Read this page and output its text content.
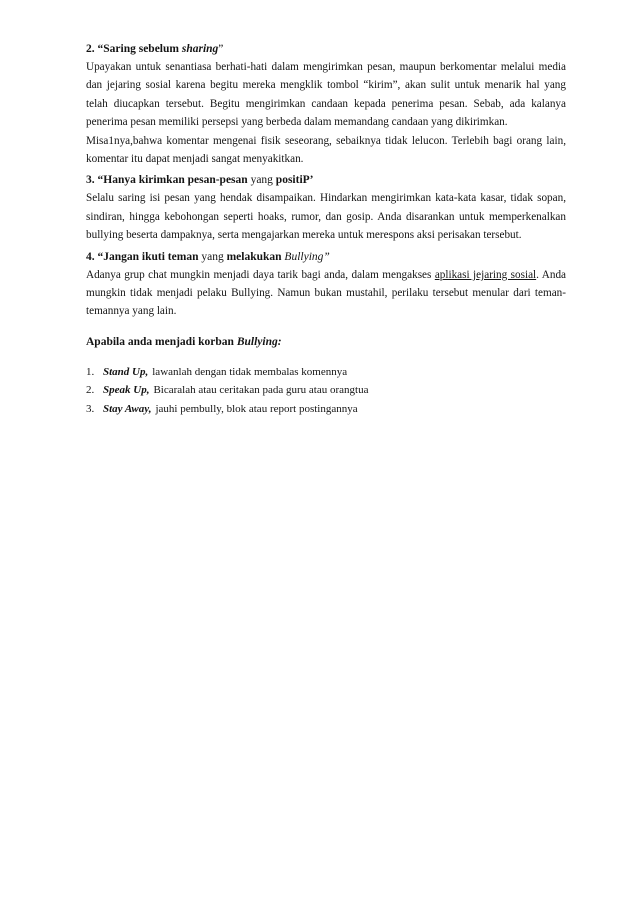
2. “Saring sebelum sharing”

Upayakan untuk senantiasa berhati-hati dalam mengirimkan pesan, maupun berkomentar melalui media
dan jejaring sosial karena begitu mereka mengklik tombol “kirim”, akan sulit untuk menarik hal yang
telah diucapkan tersebut. Begitu mengirimkan candaan kepada penerima pesan. Sebab, ada kalanya
penerima pesan memiliki persepsi yang berbeda dalam memandang candaan yang dikirimkan.
Misa1nya,bahwa komentar mengenai fisik seseorang, sebaiknya tidak lelucon. Terlebih bagi orang lain,
komentar itu dapat menjadi sangat menyakitkan.

3. “Hanya kirimkan pesan-pesan yang positiP’

Selalu saring isi pesan yang hendak disampaikan. Hindarkan mengirimkan kata-kata kasar, tidak sopan,
sindiran, hingga kebohongan seperti hoaks, rumor, dan gosip. Anda disarankan untuk memperkenalkan
bullying beserta dampaknya, serta mengajarkan mereka untuk merespons aksi perisakan tersebut.

4. “Jangan ikuti teman yang melakukan Bullying”

Adanya grup chat mungkin menjadi daya tarik bagi anda, dalam mengakses aplikasi jejaring sosial. Anda
mungkin tidak menjadi pelaku Bullying. Namun bukan mustahil, perilaku tersebut menular dari teman-
temannya yang lain.

Apabila anda menjadi korban Bullying:

1. Stand Up, lawanlah dengan tidak membalas komennya
2. Speak Up, Bicaralah atau ceritakan pada guru atau orangtua
3. Stay Away, jauhi pembully, blok atau report postingannya
